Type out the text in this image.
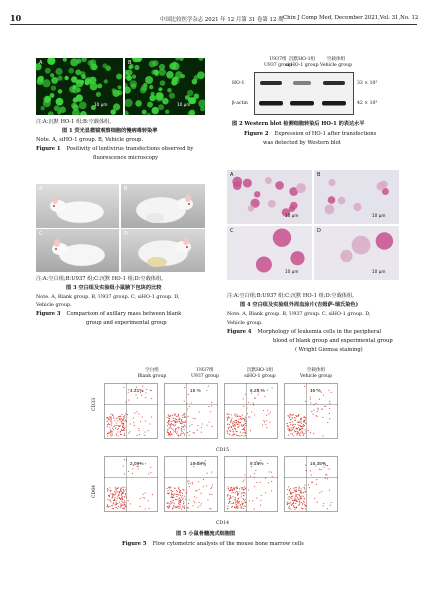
10	中国比较医学杂志 2021 年 12 月第 31 卷第 12 期 Chin J Comp Med, December 2021,Vol. 31,No. 12
A
10 μm
B
10 μm
注:A:沉默 HO-1 组;B:空载体组。
图 1 荧光显微镜观察细胞的慢病毒转染率
Note. A, siHO-1 group. B, Vehicle group.
Figure 1 Positivity of lentivirus transfections observed by
fluorescence microscopy
U937组
U937 group
沉默HO-1组
si-HO-1 group
空载体组
Vehicle group
HO-1
β-actin
33 × 10³
42 × 10³
图 2 Western blot 检测细胞转染后 HO-1 的表达水平
Figure 2 Expression of HO-1 after transfections
was detected by Western blot
A	B
C	D
注:A:空白组;B:U937 组;C:沉默 HO-1 组;D:空载体组。
图 3 空白组及实验组小鼠腋下包块的比较
Note. A, Blank group. B, U937 group. C, siHO-1 group. D,
Vehicle group.
Figure 3 Comparison of axillary mass between blank
group and experimental group
A
10 μm
B
10 μm
C
10 μm
D
10 μm
注:A:空白组;B:U937 组;C:沉默 HO-1 组;D:空载体组。
图 4 空白组及实验组外周血涂片(吉姆萨-瑞氏染色)
Note. A, Blank group. B, U937 group. C, siHO-1 group. D,
Vehicle group.
Figure 4 Morphology of leukemia cells in the peripheral
blood of blank group and experimental group
( Wright Giemsa staining)
空白组
Blank group
U937组
U937 group
沉默HO-1组
siHO-1 group
空载体组
Vehicle group
CD33
CD64
4.31%	15 %	8.28 %	16 %
CD15
2.09%	18.58%	9.16%	16.35%
CD14
图 5 小鼠骨髓流式细胞图
Figure 5 Flow cytometric analysis of the mouse bone marrow cells
